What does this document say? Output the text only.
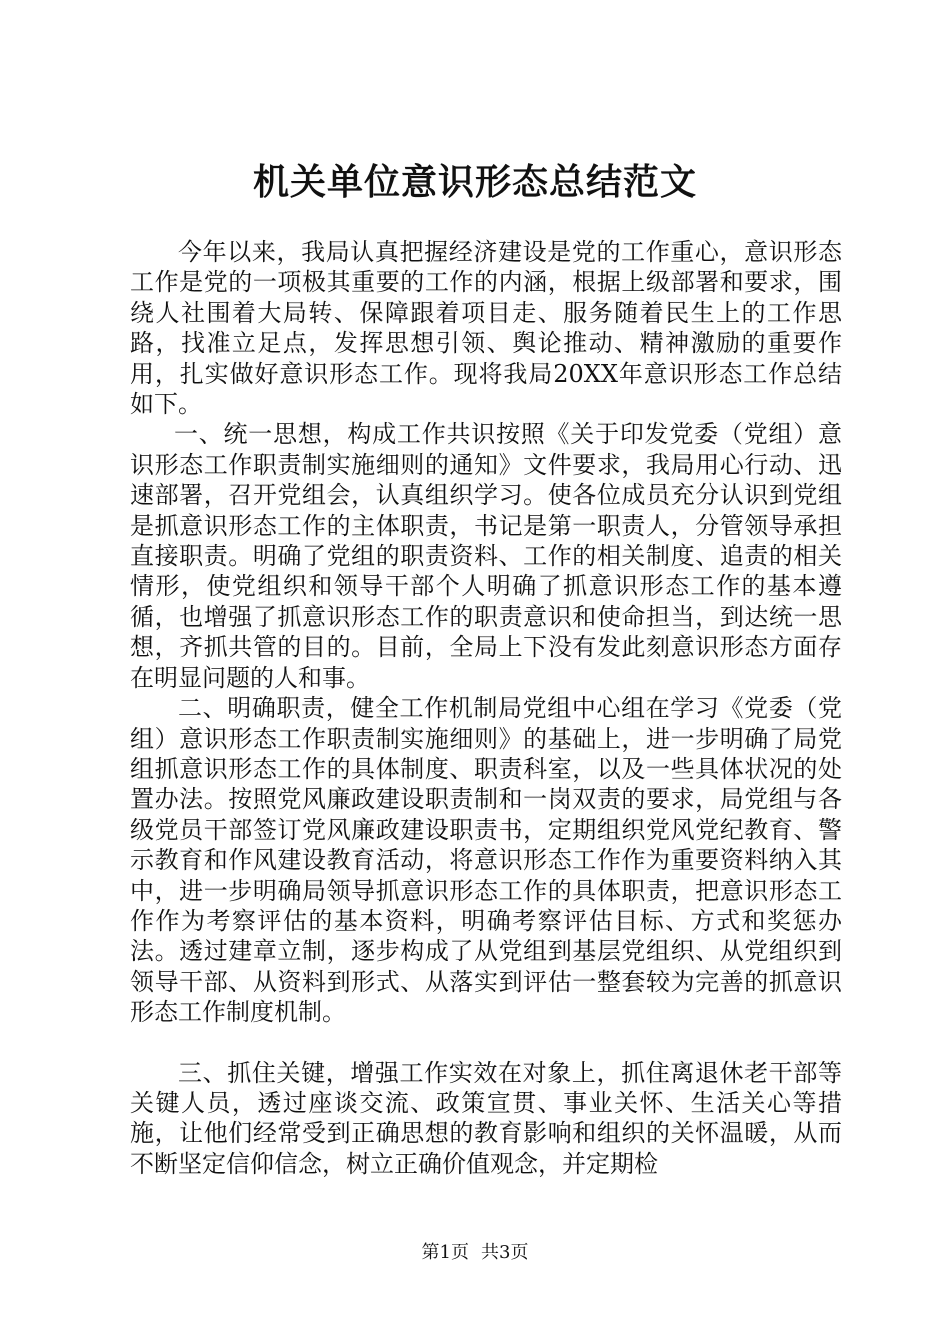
机关单位意识形态总结范文

今年以来，我局认真把握经济建设是党的工作重心，意识形态工作是党的一项极其重要的工作的内涵，根据上级部署和要求，围绕人社围着大局转、保障跟着项目走、服务随着民生上的工作思路，找准立足点，发挥思想引领、舆论推动、精神激励的重要作用，扎实做好意识形态工作。现将我局20XX年意识形态工作总结如下。

一、统一思想，构成工作共识按照《关于印发党委（党组）意识形态工作职责制实施细则的通知》文件要求，我局用心行动、迅速部署，召开党组会，认真组织学习。使各位成员充分认识到党组是抓意识形态工作的主体职责，书记是第一职责人，分管领导承担直接职责。明确了党组的职责资料、工作的相关制度、追责的相关情形，使党组织和领导干部个人明确了抓意识形态工作的基本遵循，也增强了抓意识形态工作的职责意识和使命担当，到达统一思想，齐抓共管的目的。目前，全局上下没有发此刻意识形态方面存在明显问题的人和事。

二、明确职责，健全工作机制局党组中心组在学习《党委（党组）意识形态工作职责制实施细则》的基础上，进一步明确了局党组抓意识形态工作的具体制度、职责科室，以及一些具体状况的处置办法。按照党风廉政建设职责制和一岗双责的要求，局党组与各级党员干部签订党风廉政建设职责书，定期组织党风党纪教育、警示教育和作风建设教育活动，将意识形态工作作为重要资料纳入其中，进一步明确局领导抓意识形态工作的具体职责，把意识形态工作作为考察评估的基本资料，明确考察评估目标、方式和奖惩办法。透过建章立制，逐步构成了从党组到基层党组织、从党组织到领导干部、从资料到形式、从落实到评估一整套较为完善的抓意识形态工作制度机制。

三、抓住关键，增强工作实效在对象上，抓住离退休老干部等关键人员，透过座谈交流、政策宣贯、事业关怀、生活关心等措施，让他们经常受到正确思想的教育影响和组织的关怀温暖，从而不断坚定信仰信念，树立正确价值观念，并定期检

第1页 共3页
